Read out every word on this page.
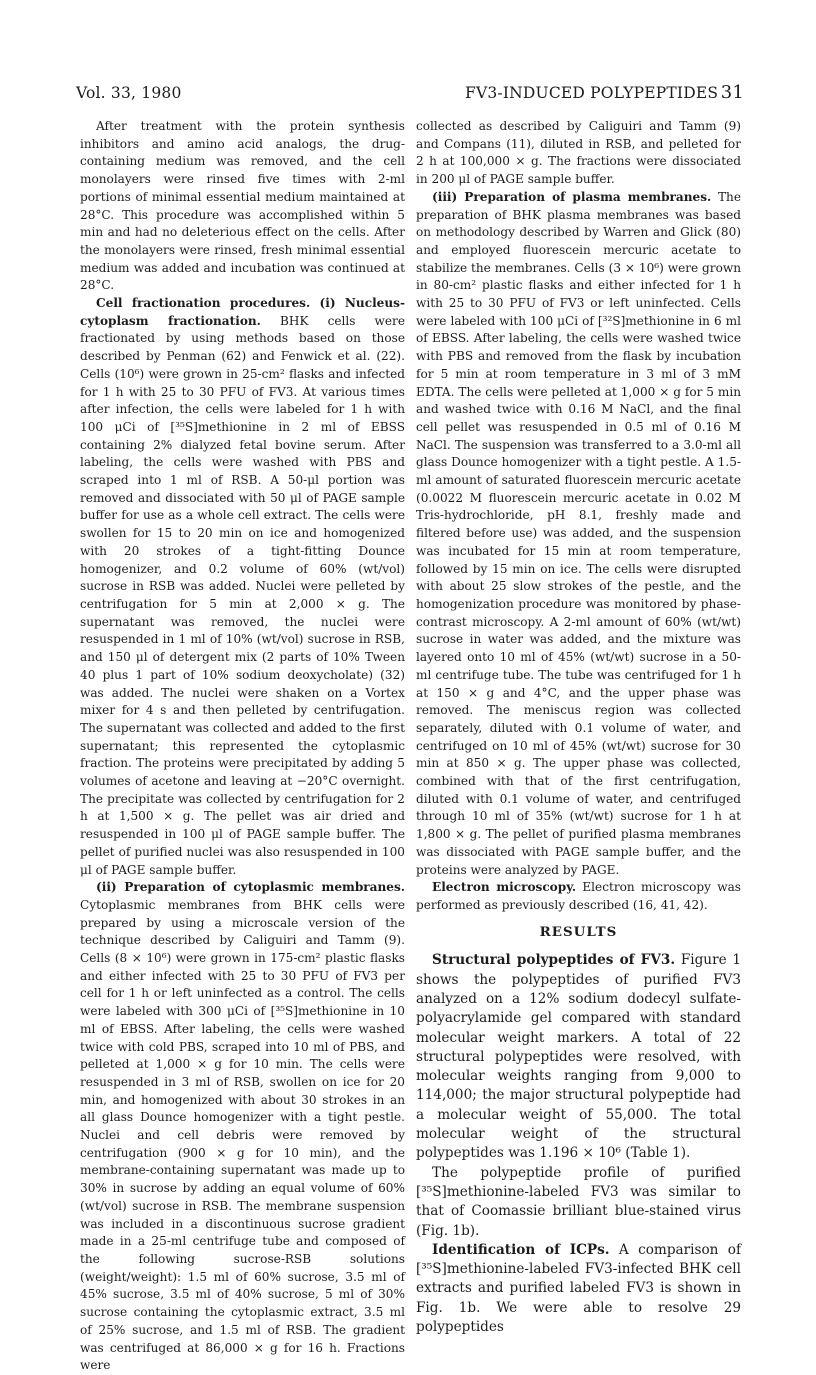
Vol. 33, 1980	FV3-INDUCED POLYPEPTIDES 31

After treatment with the protein synthesis inhibitors and amino acid analogs, the drug-containing medium was removed, and the cell monolayers were rinsed five times with 2-ml portions of minimal essential medium maintained at 28°C. This procedure was accomplished within 5 min and had no deleterious effect on the cells. After the monolayers were rinsed, fresh minimal essential medium was added and incubation was continued at 28°C.

Cell fractionation procedures. (i) Nucleus-cytoplasm fractionation. BHK cells were fractionated by using methods based on those described by Penman (62) and Fenwick et al. (22). Cells (10⁶) were grown in 25-cm² flasks and infected for 1 h with 25 to 30 PFU of FV3. At various times after infection, the cells were labeled for 1 h with 100 μCi of [³⁵S]methionine in 2 ml of EBSS containing 2% dialyzed fetal bovine serum. After labeling, the cells were washed with PBS and scraped into 1 ml of RSB. A 50-μl portion was removed and dissociated with 50 μl of PAGE sample buffer for use as a whole cell extract. The cells were swollen for 15 to 20 min on ice and homogenized with 20 strokes of a tight-fitting Dounce homogenizer, and 0.2 volume of 60% (wt/vol) sucrose in RSB was added. Nuclei were pelleted by centrifugation for 5 min at 2,000 × g. The supernatant was removed, the nuclei were resuspended in 1 ml of 10% (wt/vol) sucrose in RSB, and 150 μl of detergent mix (2 parts of 10% Tween 40 plus 1 part of 10% sodium deoxycholate) (32) was added. The nuclei were shaken on a Vortex mixer for 4 s and then pelleted by centrifugation. The supernatant was collected and added to the first supernatant; this represented the cytoplasmic fraction. The proteins were precipitated by adding 5 volumes of acetone and leaving at −20°C overnight. The precipitate was collected by centrifugation for 2 h at 1,500 × g. The pellet was air dried and resuspended in 100 μl of PAGE sample buffer. The pellet of purified nuclei was also resuspended in 100 μl of PAGE sample buffer.

(ii) Preparation of cytoplasmic membranes. Cytoplasmic membranes from BHK cells were prepared by using a microscale version of the technique described by Caliguiri and Tamm (9). Cells (8 × 10⁶) were grown in 175-cm² plastic flasks and either infected with 25 to 30 PFU of FV3 per cell for 1 h or left uninfected as a control. The cells were labeled with 300 μCi of [³⁵S]methionine in 10 ml of EBSS. After labeling, the cells were washed twice with cold PBS, scraped into 10 ml of PBS, and pelleted at 1,000 × g for 10 min. The cells were resuspended in 3 ml of RSB, swollen on ice for 20 min, and homogenized with about 30 strokes in an all glass Dounce homogenizer with a tight pestle. Nuclei and cell debris were removed by centrifugation (900 × g for 10 min), and the membrane-containing supernatant was made up to 30% in sucrose by adding an equal volume of 60% (wt/vol) sucrose in RSB. The membrane suspension was included in a discontinuous sucrose gradient made in a 25-ml centrifuge tube and composed of the following sucrose-RSB solutions (weight/weight): 1.5 ml of 60% sucrose, 3.5 ml of 45% sucrose, 3.5 ml of 40% sucrose, 5 ml of 30% sucrose containing the cytoplasmic extract, 3.5 ml of 25% sucrose, and 1.5 ml of RSB. The gradient was centrifuged at 86,000 × g for 16 h. Fractions were

collected as described by Caliguiri and Tamm (9) and Compans (11), diluted in RSB, and pelleted for 2 h at 100,000 × g. The fractions were dissociated in 200 μl of PAGE sample buffer.

(iii) Preparation of plasma membranes. The preparation of BHK plasma membranes was based on methodology described by Warren and Glick (80) and employed fluorescein mercuric acetate to stabilize the membranes. Cells (3 × 10⁶) were grown in 80-cm² plastic flasks and either infected for 1 h with 25 to 30 PFU of FV3 or left uninfected. Cells were labeled with 100 μCi of [³²S]methionine in 6 ml of EBSS. After labeling, the cells were washed twice with PBS and removed from the flask by incubation for 5 min at room temperature in 3 ml of 3 mM EDTA. The cells were pelleted at 1,000 × g for 5 min and washed twice with 0.16 M NaCl, and the final cell pellet was resuspended in 0.5 ml of 0.16 M NaCl. The suspension was transferred to a 3.0-ml all glass Dounce homogenizer with a tight pestle. A 1.5-ml amount of saturated fluorescein mercuric acetate (0.0022 M fluorescein mercuric acetate in 0.02 M Tris-hydrochloride, pH 8.1, freshly made and filtered before use) was added, and the suspension was incubated for 15 min at room temperature, followed by 15 min on ice. The cells were disrupted with about 25 slow strokes of the pestle, and the homogenization procedure was monitored by phase-contrast microscopy. A 2-ml amount of 60% (wt/wt) sucrose in water was added, and the mixture was layered onto 10 ml of 45% (wt/wt) sucrose in a 50-ml centrifuge tube. The tube was centrifuged for 1 h at 150 × g and 4°C, and the upper phase was removed. The meniscus region was collected separately, diluted with 0.1 volume of water, and centrifuged on 10 ml of 45% (wt/wt) sucrose for 30 min at 850 × g. The upper phase was collected, combined with that of the first centrifugation, diluted with 0.1 volume of water, and centrifuged through 10 ml of 35% (wt/wt) sucrose for 1 h at 1,800 × g. The pellet of purified plasma membranes was dissociated with PAGE sample buffer, and the proteins were analyzed by PAGE.

Electron microscopy. Electron microscopy was performed as previously described (16, 41, 42).

RESULTS

Structural polypeptides of FV3. Figure 1 shows the polypeptides of purified FV3 analyzed on a 12% sodium dodecyl sulfate-polyacrylamide gel compared with standard molecular weight markers. A total of 22 structural polypeptides were resolved, with molecular weights ranging from 9,000 to 114,000; the major structural polypeptide had a molecular weight of 55,000. The total molecular weight of the structural polypeptides was 1.196 × 10⁶ (Table 1).

The polypeptide profile of purified [³⁵S]methionine-labeled FV3 was similar to that of Coomassie brilliant blue-stained virus (Fig. 1b).

Identification of ICPs. A comparison of [³⁵S]methionine-labeled FV3-infected BHK cell extracts and purified labeled FV3 is shown in Fig. 1b. We were able to resolve 29 polypeptides
